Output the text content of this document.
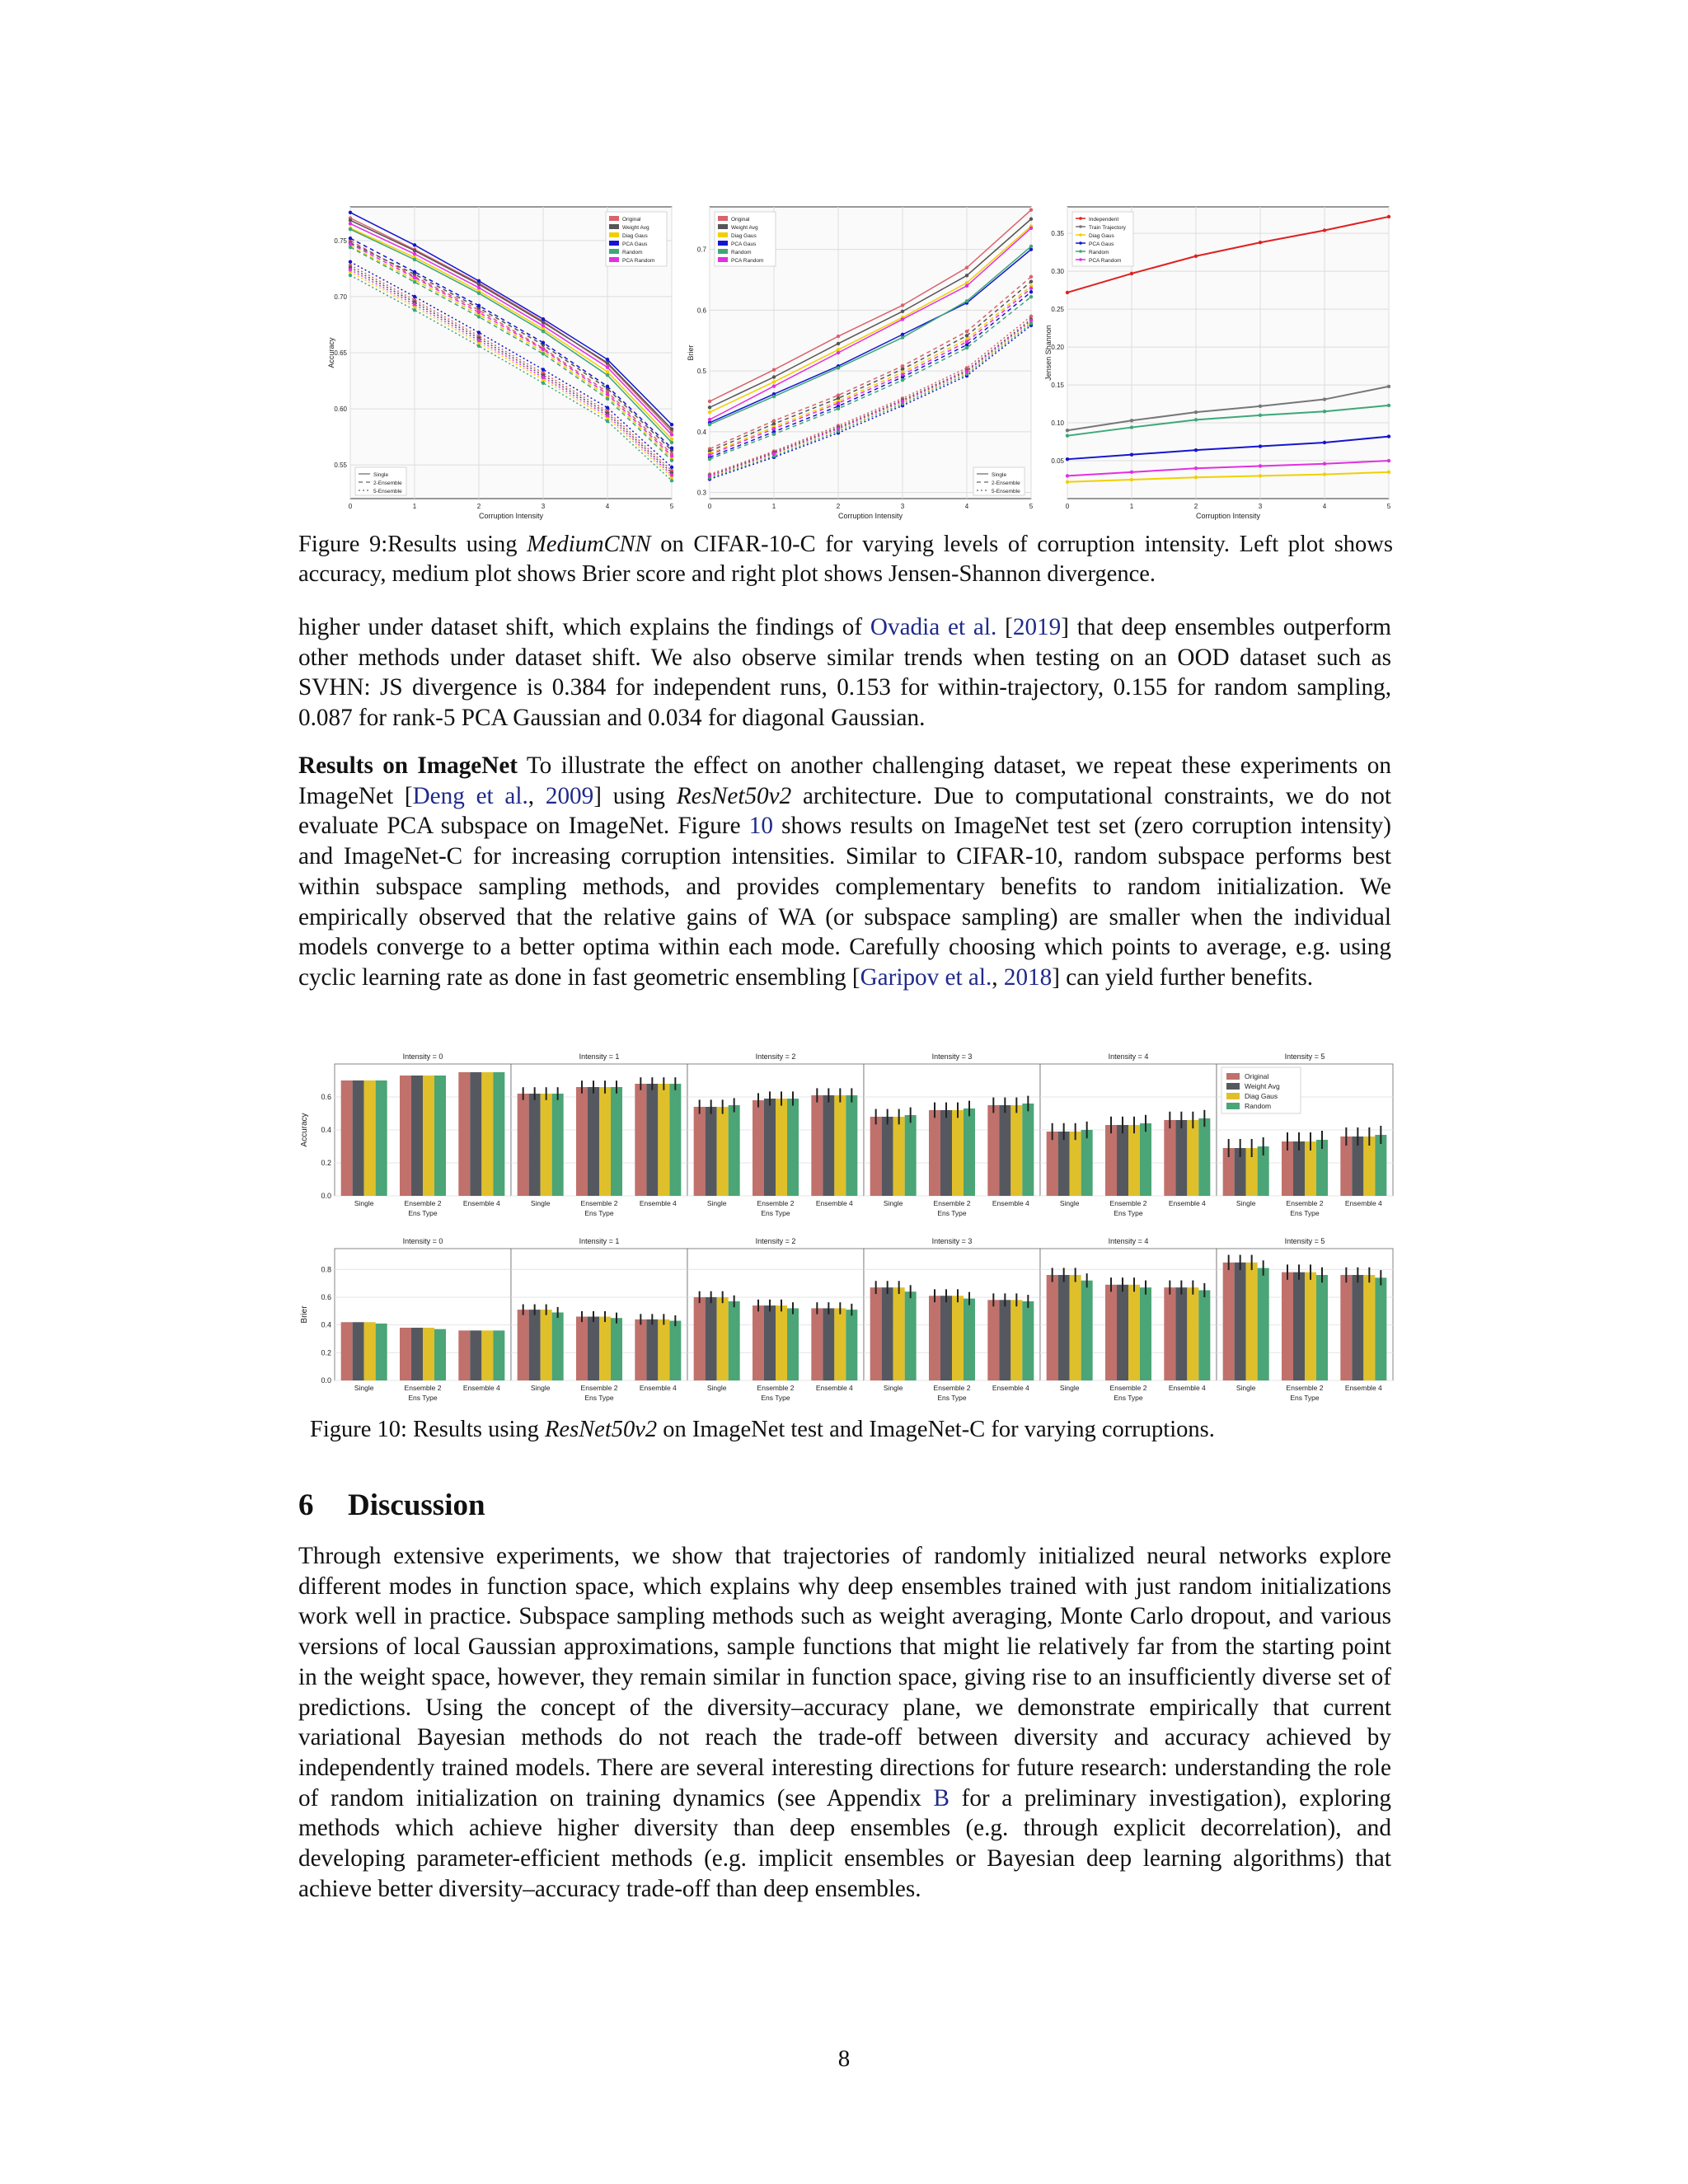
0	1	2	3	4	5
0.55
0.60
0.65
0.70
0.75
Corruption Intensity
Accuracy
Original
Weight Avg
Diag Gaus
PCA Gaus
Random
PCA Random
Single
2-Ensemble
5-Ensemble
0	1	2	3	4	5
0.3
0.4
0.5
0.6
0.7
Corruption Intensity
Brier
Original
Weight Avg
Diag Gaus
PCA Gaus
Random
PCA Random
Single
2-Ensemble
5-Ensemble
0	1	2	3	4	5
0.05
0.10
0.15
0.20
0.25
0.30
0.35
Corruption Intensity
Jensen Shannon
Independent
Train Trajectory
Diag Gaus
PCA Gaus
Random
PCA Random
Figure 9:Results using MediumCNN on CIFAR-10-C for varying levels of corruption intensity. Left plot shows accuracy, medium plot shows Brier score and right plot shows Jensen-Shannon divergence.
higher under dataset shift, which explains the findings of Ovadia et al. [2019] that deep ensembles outperform other methods under dataset shift. We also observe similar trends when testing on an OOD dataset such as SVHN: JS divergence is 0.384 for independent runs, 0.153 for within-trajectory, 0.155 for random sampling, 0.087 for rank-5 PCA Gaussian and 0.034 for diagonal Gaussian.
Results on ImageNet To illustrate the effect on another challenging dataset, we repeat these experiments on ImageNet [Deng et al., 2009] using ResNet50v2 architecture. Due to computational constraints, we do not evaluate PCA subspace on ImageNet. Figure 10 shows results on ImageNet test set (zero corruption intensity) and ImageNet-C for increasing corruption intensities. Similar to CIFAR-10, random subspace performs best within subspace sampling methods, and provides complementary benefits to random initialization. We empirically observed that the relative gains of WA (or subspace sampling) are smaller when the individual models converge to a better optima within each mode. Carefully choosing which points to average, e.g. using cyclic learning rate as done in fast geometric ensembling [Garipov et al., 2018] can yield further benefits.
Accuracy
0.0
0.2
0.4
0.6
Intensity = 0
Single	Ensemble 2	Ensemble 4
Ens Type
Intensity = 1
Single	Ensemble 2	Ensemble 4
Ens Type
Intensity = 2
Single	Ensemble 2	Ensemble 4
Ens Type
Intensity = 3
Single	Ensemble 2	Ensemble 4
Ens Type
Intensity = 4
Single	Ensemble 2	Ensemble 4
Ens Type
Intensity = 5
Single	Ensemble 2	Ensemble 4
Ens Type
Original
Weight Avg
Diag Gaus
Random
Brier
0.0
0.2
0.4
0.6
0.8
Intensity = 0
Single	Ensemble 2	Ensemble 4
Ens Type
Intensity = 1
Single	Ensemble 2	Ensemble 4
Ens Type
Intensity = 2
Single	Ensemble 2	Ensemble 4
Ens Type
Intensity = 3
Single	Ensemble 2	Ensemble 4
Ens Type
Intensity = 4
Single	Ensemble 2	Ensemble 4
Ens Type
Intensity = 5
Single	Ensemble 2	Ensemble 4
Ens Type
Figure 10: Results using ResNet50v2 on ImageNet test and ImageNet-C for varying corruptions.
6 Discussion
Through extensive experiments, we show that trajectories of randomly initialized neural networks explore different modes in function space, which explains why deep ensembles trained with just random initializations work well in practice. Subspace sampling methods such as weight averaging, Monte Carlo dropout, and various versions of local Gaussian approximations, sample functions that might lie relatively far from the starting point in the weight space, however, they remain similar in function space, giving rise to an insufficiently diverse set of predictions. Using the concept of the diversity–accuracy plane, we demonstrate empirically that current variational Bayesian methods do not reach the trade-off between diversity and accuracy achieved by independently trained models. There are several interesting directions for future research: understanding the role of random initialization on training dynamics (see Appendix B for a preliminary investigation), exploring methods which achieve higher diversity than deep ensembles (e.g. through explicit decorrelation), and developing parameter-efficient methods (e.g. implicit ensembles or Bayesian deep learning algorithms) that achieve better diversity–accuracy trade-off than deep ensembles.
8
